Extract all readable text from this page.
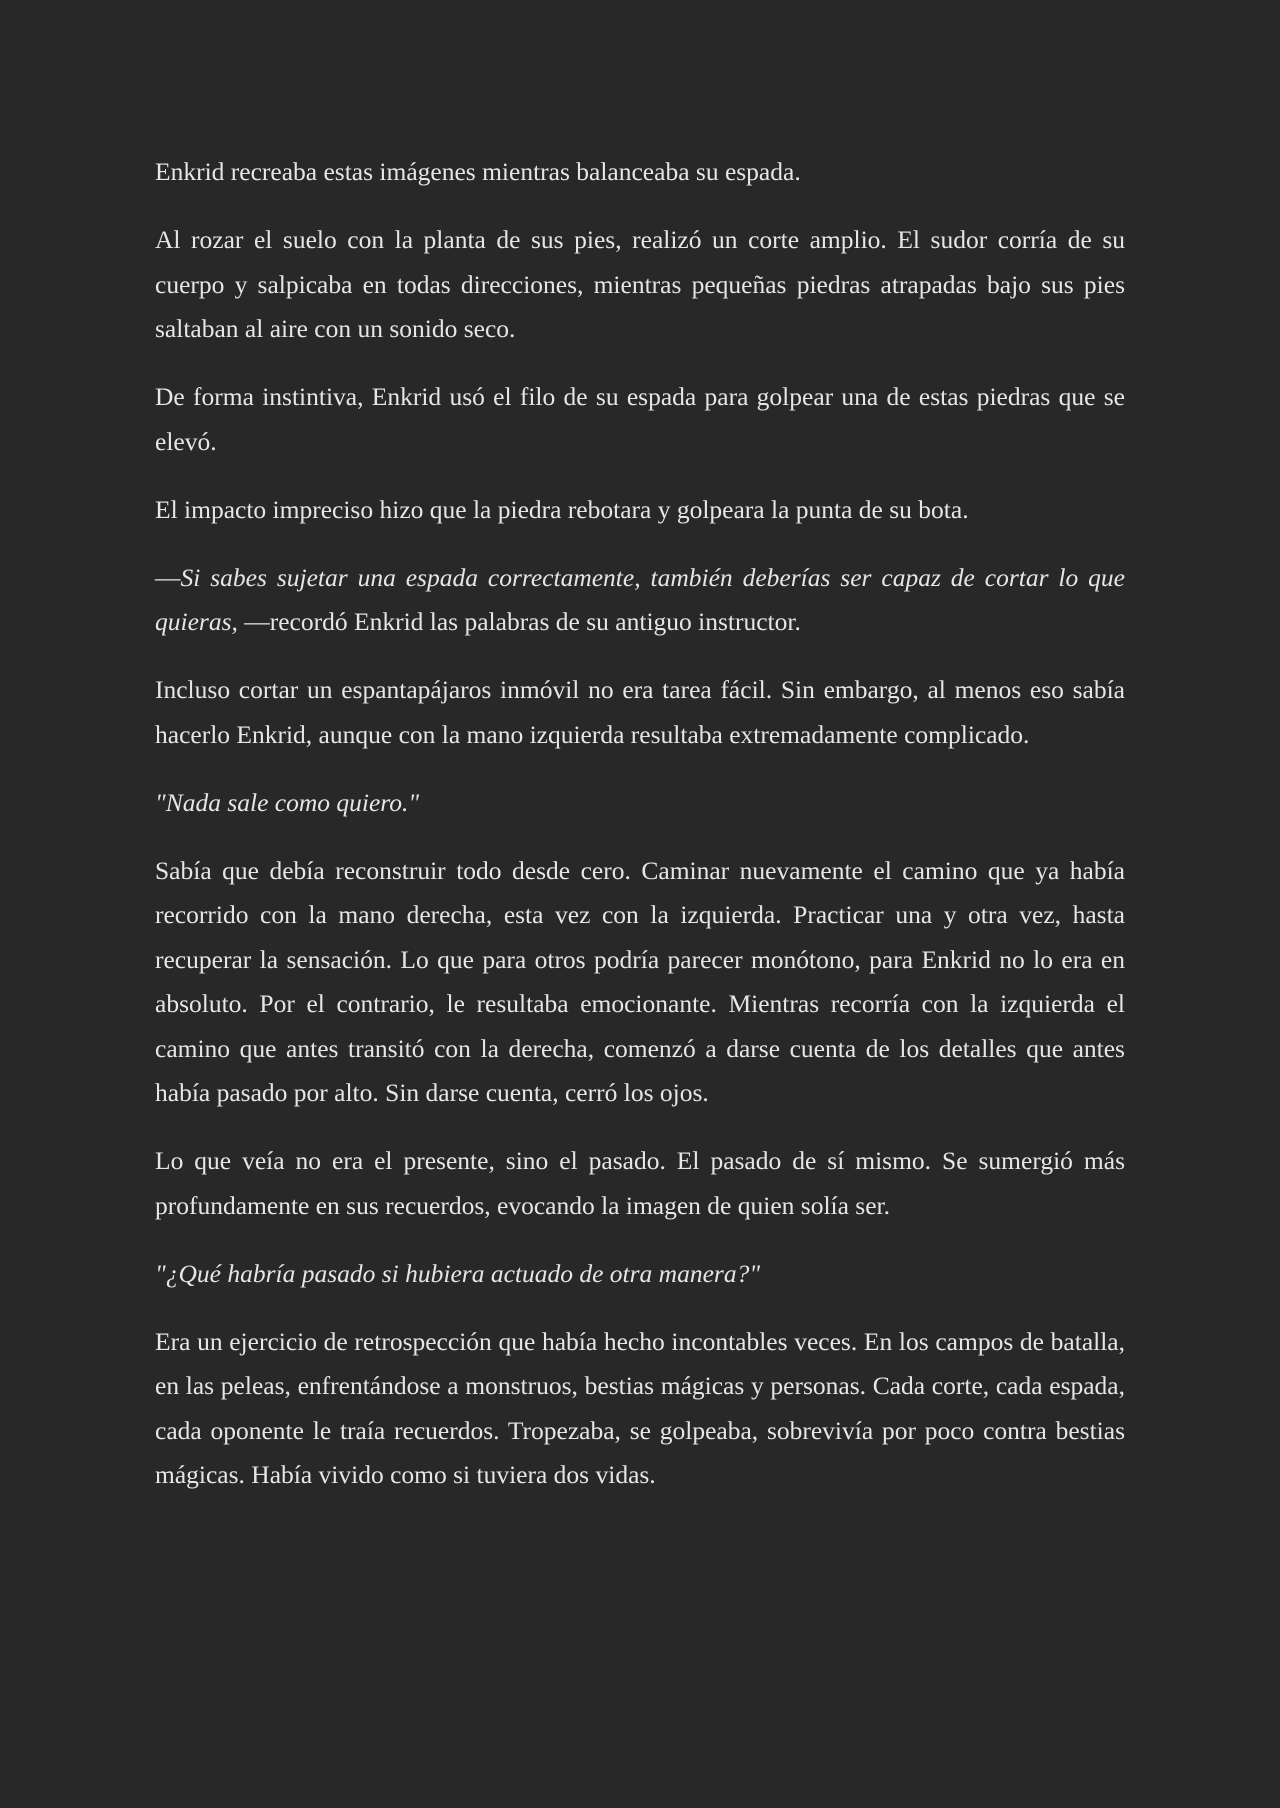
Enkrid recreaba estas imágenes mientras balanceaba su espada.

Al rozar el suelo con la planta de sus pies, realizó un corte amplio. El sudor corría de su cuerpo y salpicaba en todas direcciones, mientras pequeñas piedras atrapadas bajo sus pies saltaban al aire con un sonido seco.

De forma instintiva, Enkrid usó el filo de su espada para golpear una de estas piedras que se elevó.

El impacto impreciso hizo que la piedra rebotara y golpeara la punta de su bota.

—Si sabes sujetar una espada correctamente, también deberías ser capaz de cortar lo que quieras, —recordó Enkrid las palabras de su antiguo instructor.

Incluso cortar un espantapájaros inmóvil no era tarea fácil. Sin embargo, al menos eso sabía hacerlo Enkrid, aunque con la mano izquierda resultaba extremadamente complicado.

"Nada sale como quiero."

Sabía que debía reconstruir todo desde cero. Caminar nuevamente el camino que ya había recorrido con la mano derecha, esta vez con la izquierda. Practicar una y otra vez, hasta recuperar la sensación. Lo que para otros podría parecer monótono, para Enkrid no lo era en absoluto. Por el contrario, le resultaba emocionante. Mientras recorría con la izquierda el camino que antes transitó con la derecha, comenzó a darse cuenta de los detalles que antes había pasado por alto. Sin darse cuenta, cerró los ojos.

Lo que veía no era el presente, sino el pasado. El pasado de sí mismo. Se sumergió más profundamente en sus recuerdos, evocando la imagen de quien solía ser.

"¿Qué habría pasado si hubiera actuado de otra manera?"

Era un ejercicio de retrospección que había hecho incontables veces. En los campos de batalla, en las peleas, enfrentándose a monstruos, bestias mágicas y personas. Cada corte, cada espada, cada oponente le traía recuerdos. Tropezaba, se golpeaba, sobrevivía por poco contra bestias mágicas. Había vivido como si tuviera dos vidas.
